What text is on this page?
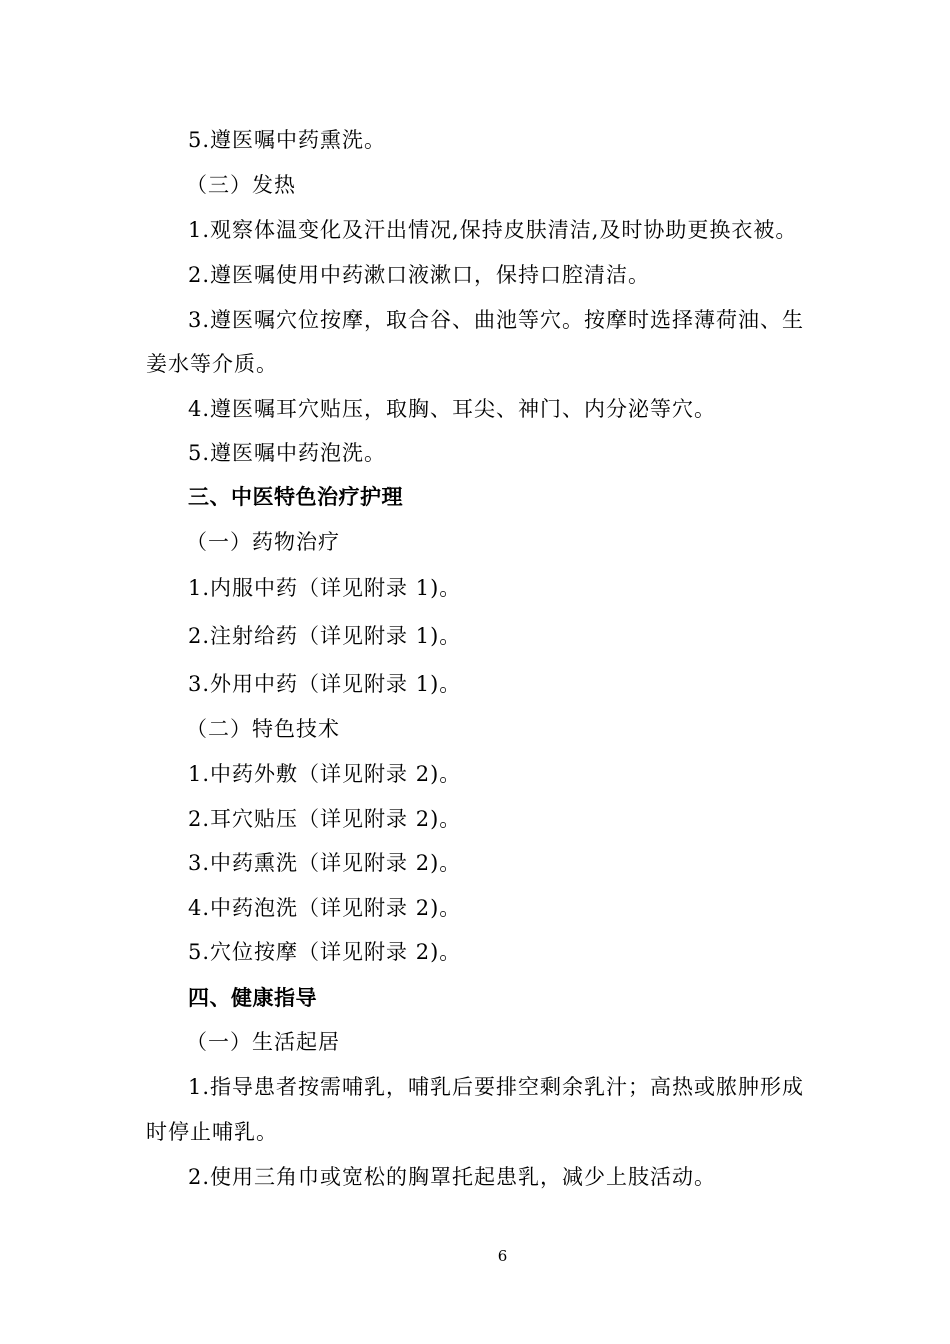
5.遵医嘱中药熏洗。
（三）发热
1.观察体温变化及汗出情况,保持皮肤清洁,及时协助更换衣被。
2.遵医嘱使用中药漱口液漱口，保持口腔清洁。
3.遵医嘱穴位按摩，取合谷、曲池等穴。按摩时选择薄荷油、生
姜水等介质。
4.遵医嘱耳穴贴压，取胸、耳尖、神门、内分泌等穴。
5.遵医嘱中药泡洗。
三、中医特色治疗护理
（一）药物治疗
1.内服中药（详见附录 1)。
2.注射给药（详见附录 1)。
3.外用中药（详见附录 1)。
（二）特色技术
1.中药外敷（详见附录 2)。
2.耳穴贴压（详见附录 2)。
3.中药熏洗（详见附录 2)。
4.中药泡洗（详见附录 2)。
5.穴位按摩（详见附录 2)。
四、健康指导
（一）生活起居
1.指导患者按需哺乳，哺乳后要排空剩余乳汁；高热或脓肿形成
时停止哺乳。
2.使用三角巾或宽松的胸罩托起患乳，减少上肢活动。
6
